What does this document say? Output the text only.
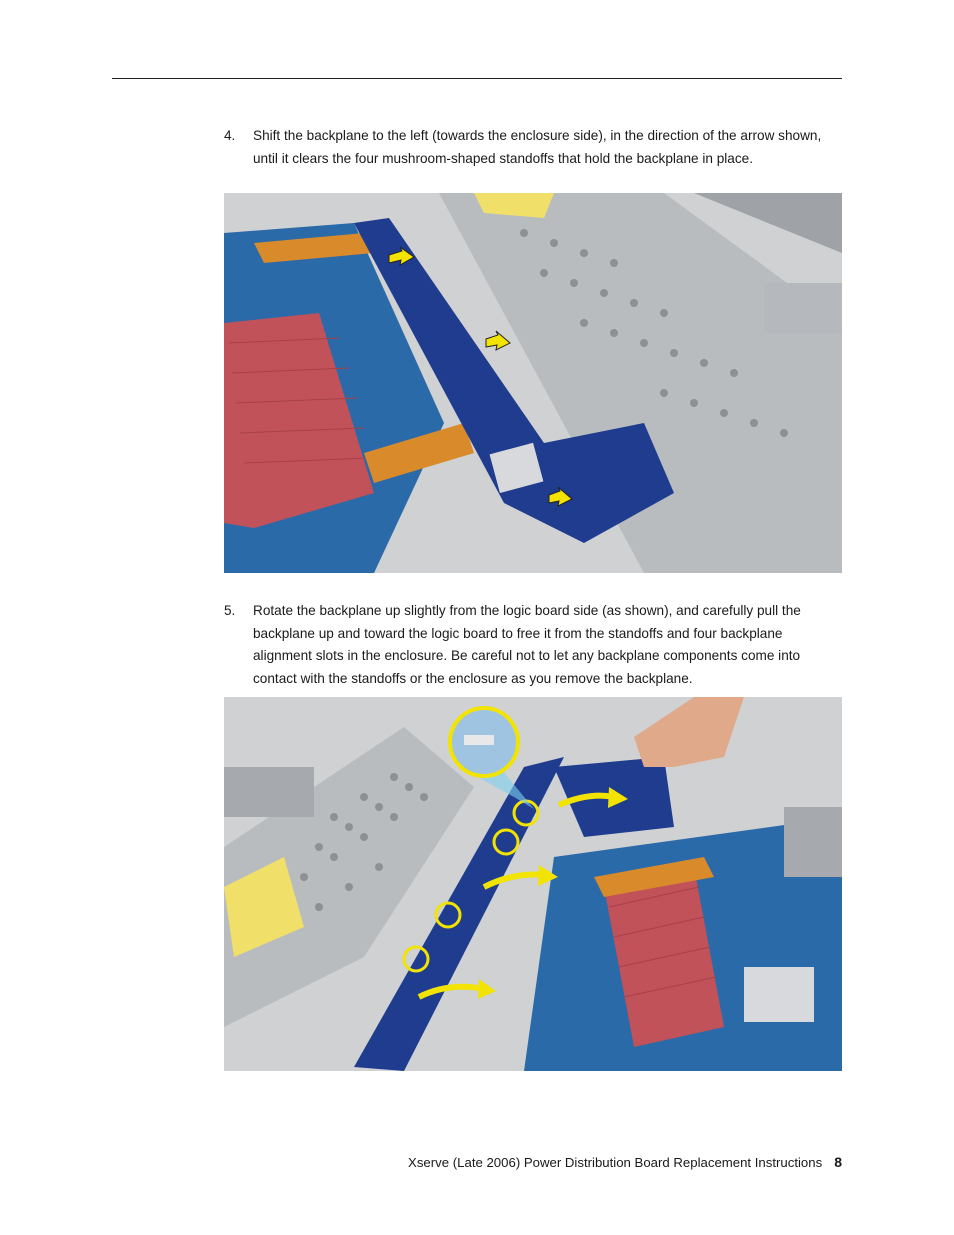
4. Shift the backplane to the left (towards the enclosure side), in the direction of the arrow shown, until it clears the four mushroom-shaped standoffs that hold the backplane in place.
5. Rotate the backplane up slightly from the logic board side (as shown), and carefully pull the backplane up and toward the logic board to free it from the standoffs and four backplane alignment slots in the enclosure. Be careful not to let any backplane components come into contact with the standoffs or the enclosure as you remove the backplane.
Xserve (Late 2006) Power Distribution Board Replacement Instructions 8
